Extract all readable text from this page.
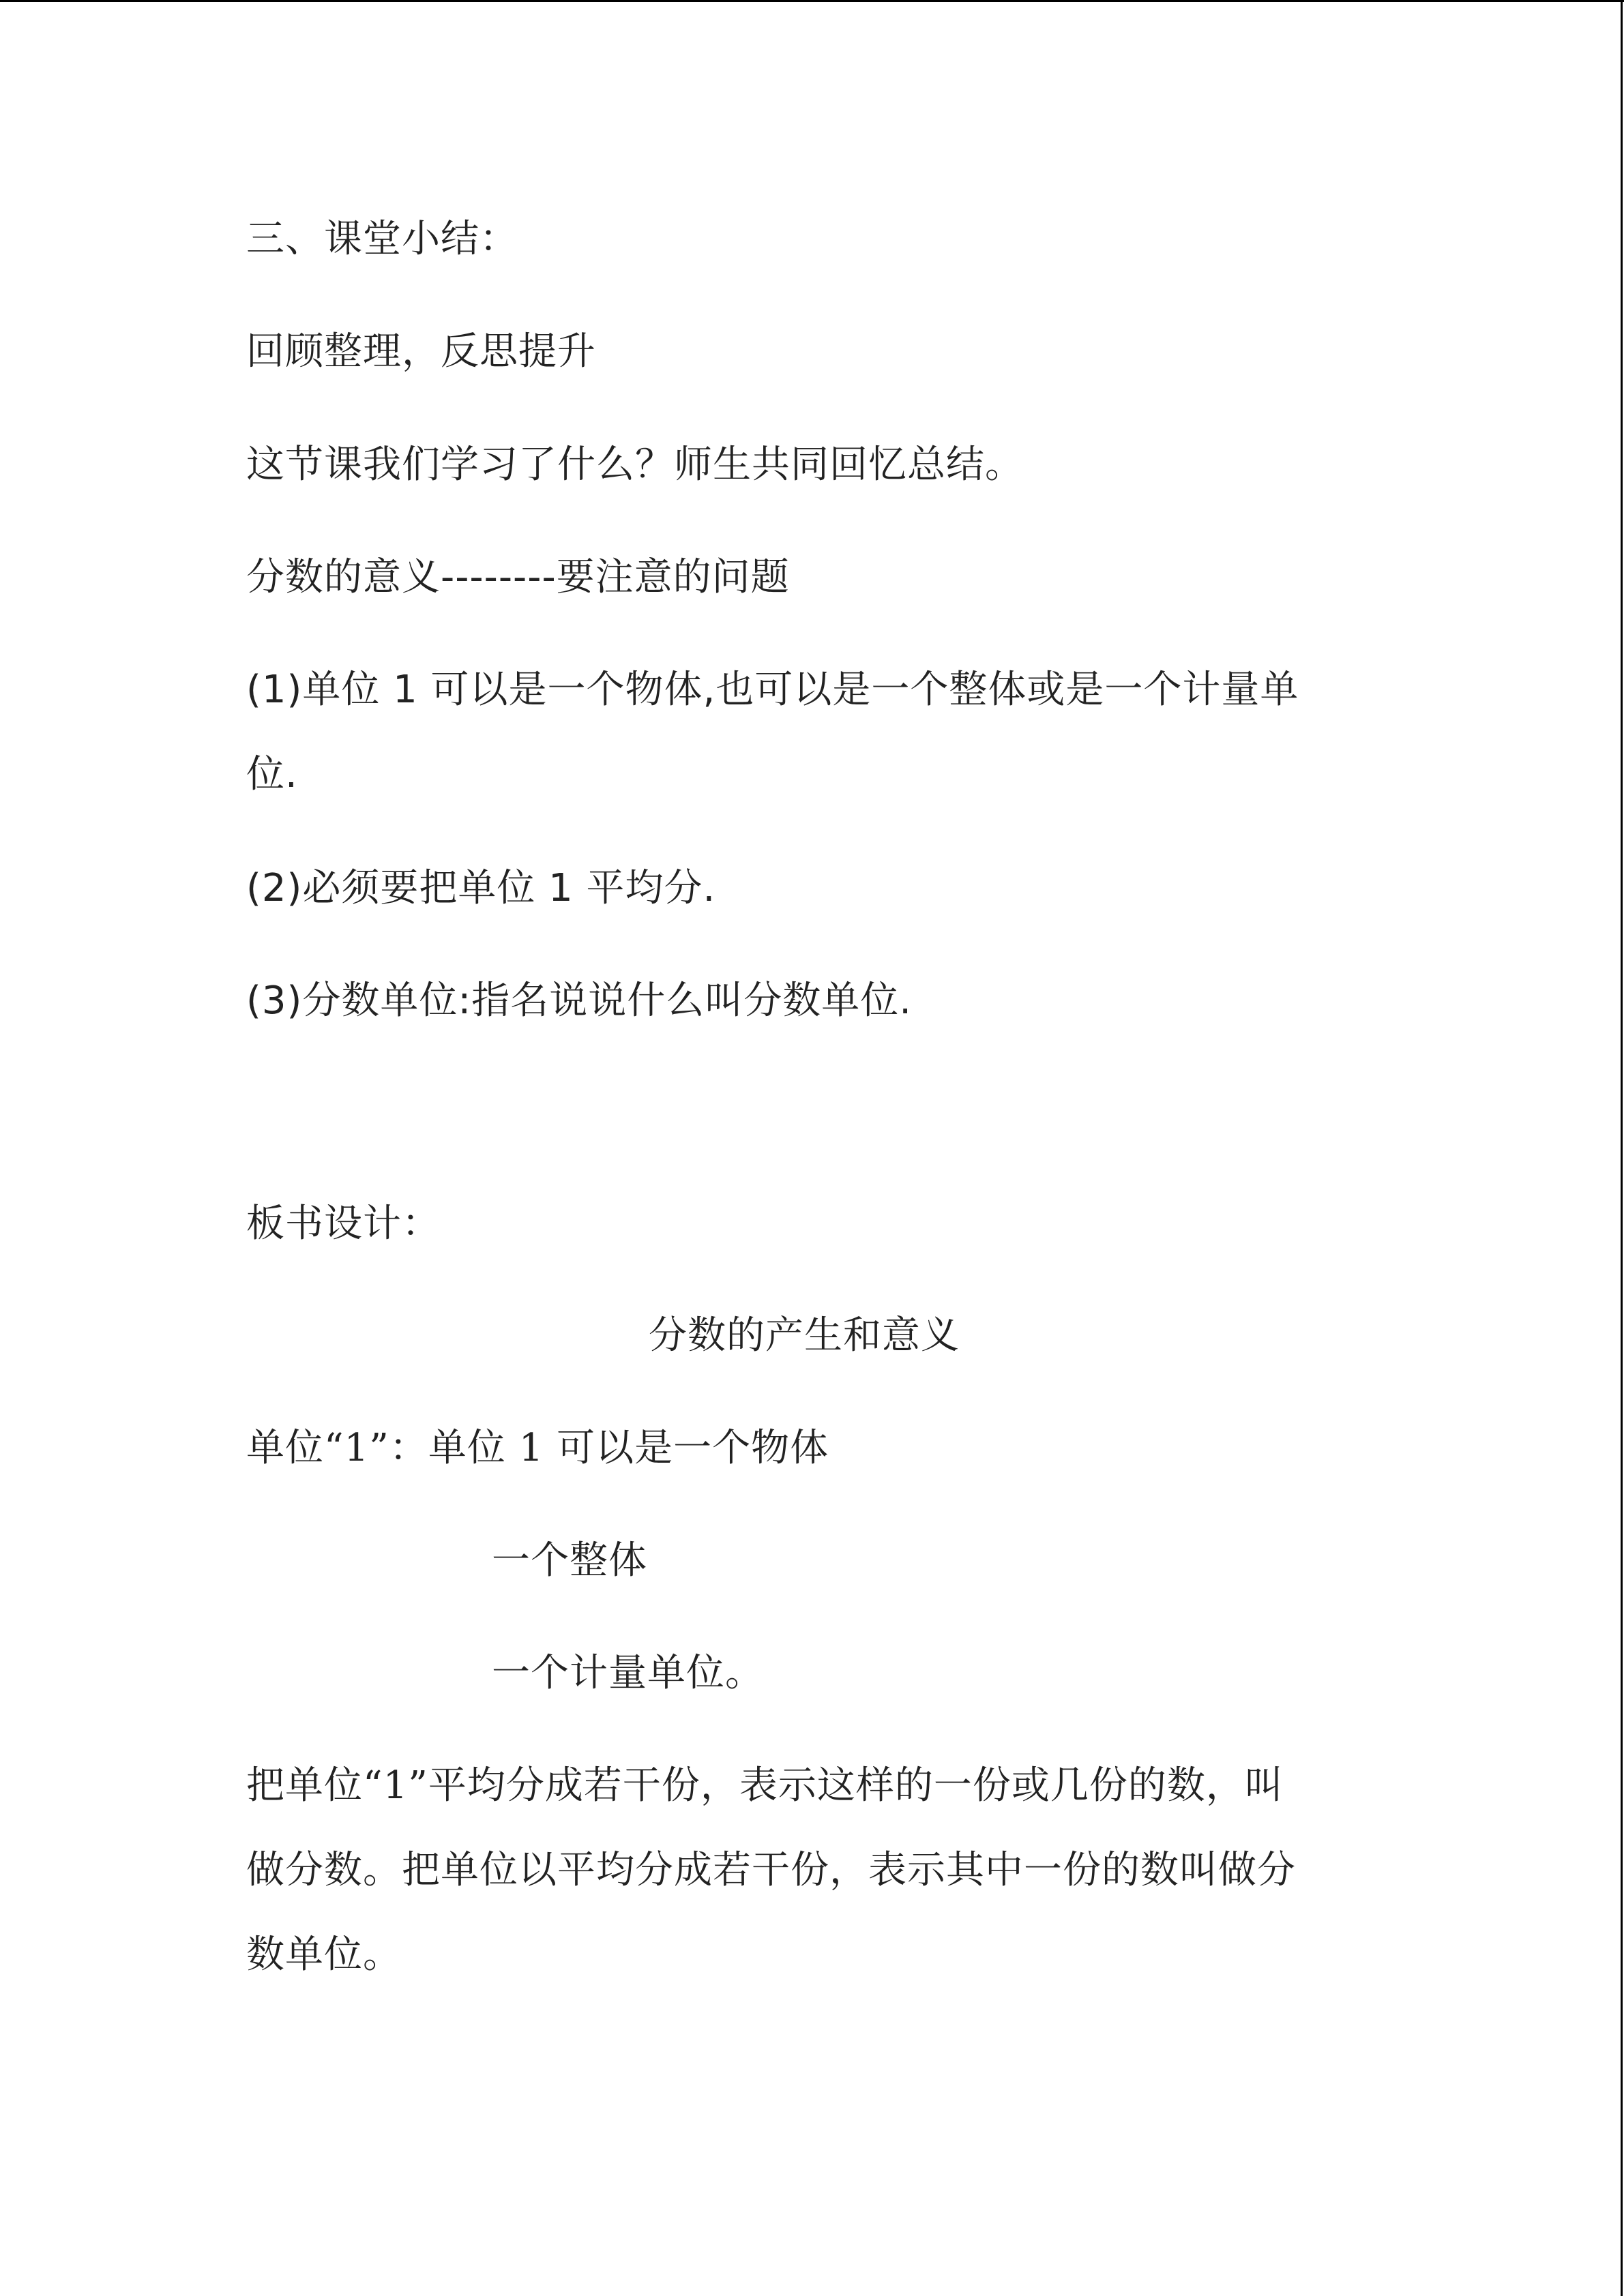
三、课堂小结：
回顾整理，反思提升
这节课我们学习了什么？师生共同回忆总结。
分数的意义--------要注意的问题
(1)单位 1 可以是一个物体,也可以是一个整体或是一个计量单
位.
(2)必须要把单位 1 平均分.
(3)分数单位:指名说说什么叫分数单位.
板书设计：
分数的产生和意义
单位“1”：单位 1 可以是一个物体
一个整体
一个计量单位。
把单位“1”平均分成若干份，表示这样的一份或几份的数，叫
做分数。把单位以平均分成若干份，表示其中一份的数叫做分
数单位。
